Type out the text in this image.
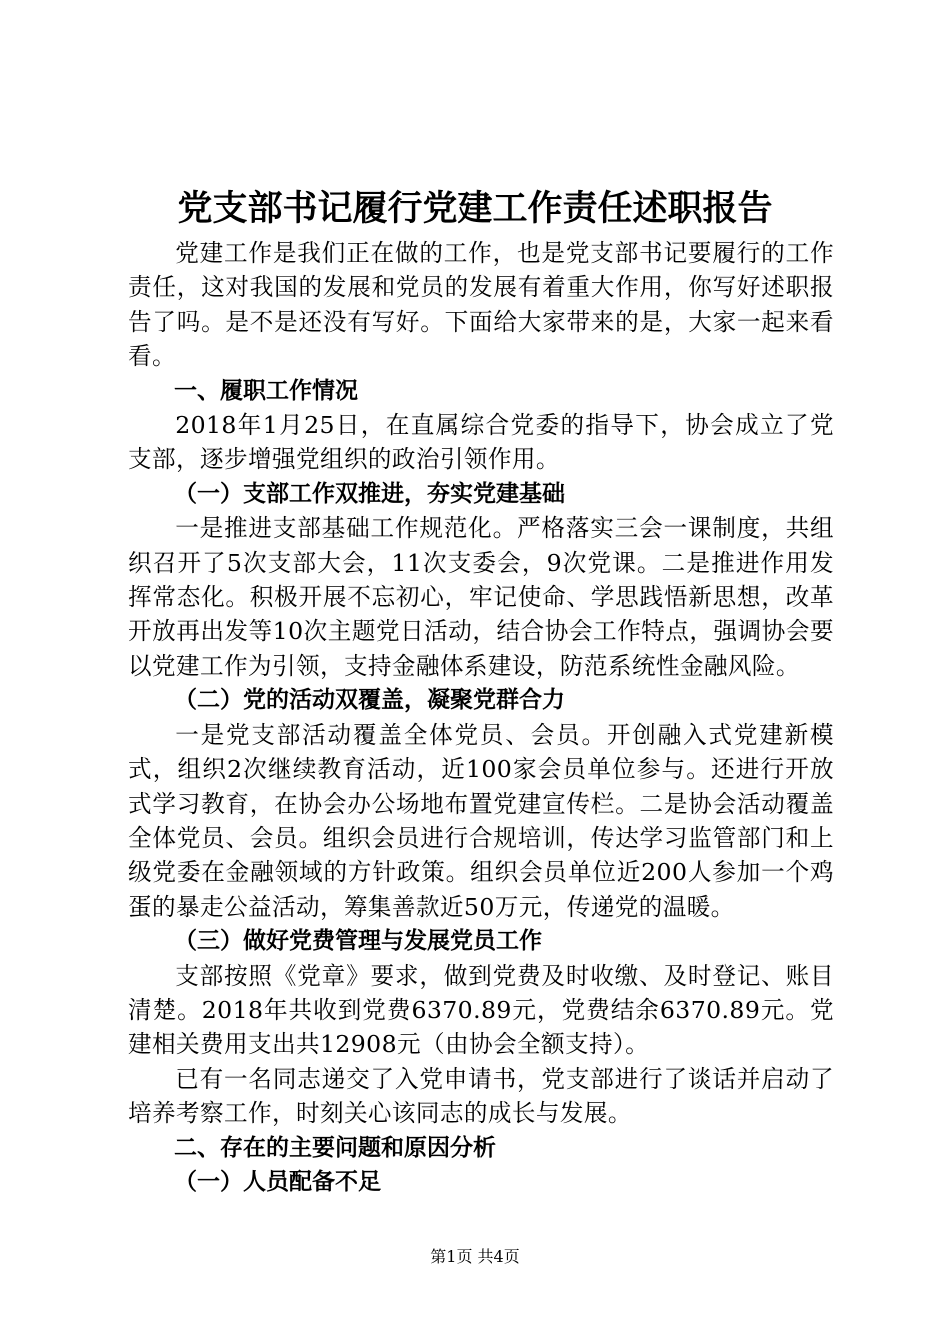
党支部书记履行党建工作责任述职报告

党建工作是我们正在做的工作，也是党支部书记要履行的工作责任，这对我国的发展和党员的发展有着重大作用，你写好述职报告了吗。是不是还没有写好。下面给大家带来的是，大家一起来看看。

一、履职工作情况

2018年1月25日，在直属综合党委的指导下，协会成立了党支部，逐步增强党组织的政治引领作用。

（一）支部工作双推进，夯实党建基础

一是推进支部基础工作规范化。严格落实三会一课制度，共组织召开了5次支部大会，11次支委会，9次党课。二是推进作用发挥常态化。积极开展不忘初心，牢记使命、学思践悟新思想，改革开放再出发等10次主题党日活动，结合协会工作特点，强调协会要以党建工作为引领，支持金融体系建设，防范系统性金融风险。

（二）党的活动双覆盖，凝聚党群合力

一是党支部活动覆盖全体党员、会员。开创融入式党建新模式，组织2次继续教育活动，近100家会员单位参与。还进行开放式学习教育，在协会办公场地布置党建宣传栏。二是协会活动覆盖全体党员、会员。组织会员进行合规培训，传达学习监管部门和上级党委在金融领域的方针政策。组织会员单位近200人参加一个鸡蛋的暴走公益活动，筹集善款近50万元，传递党的温暖。

（三）做好党费管理与发展党员工作

支部按照《党章》要求，做到党费及时收缴、及时登记、账目清楚。2018年共收到党费6370.89元，党费结余6370.89元。党建相关费用支出共12908元（由协会全额支持）。

已有一名同志递交了入党申请书，党支部进行了谈话并启动了培养考察工作，时刻关心该同志的成长与发展。

二、存在的主要问题和原因分析

（一）人员配备不足

第1页 共4页
